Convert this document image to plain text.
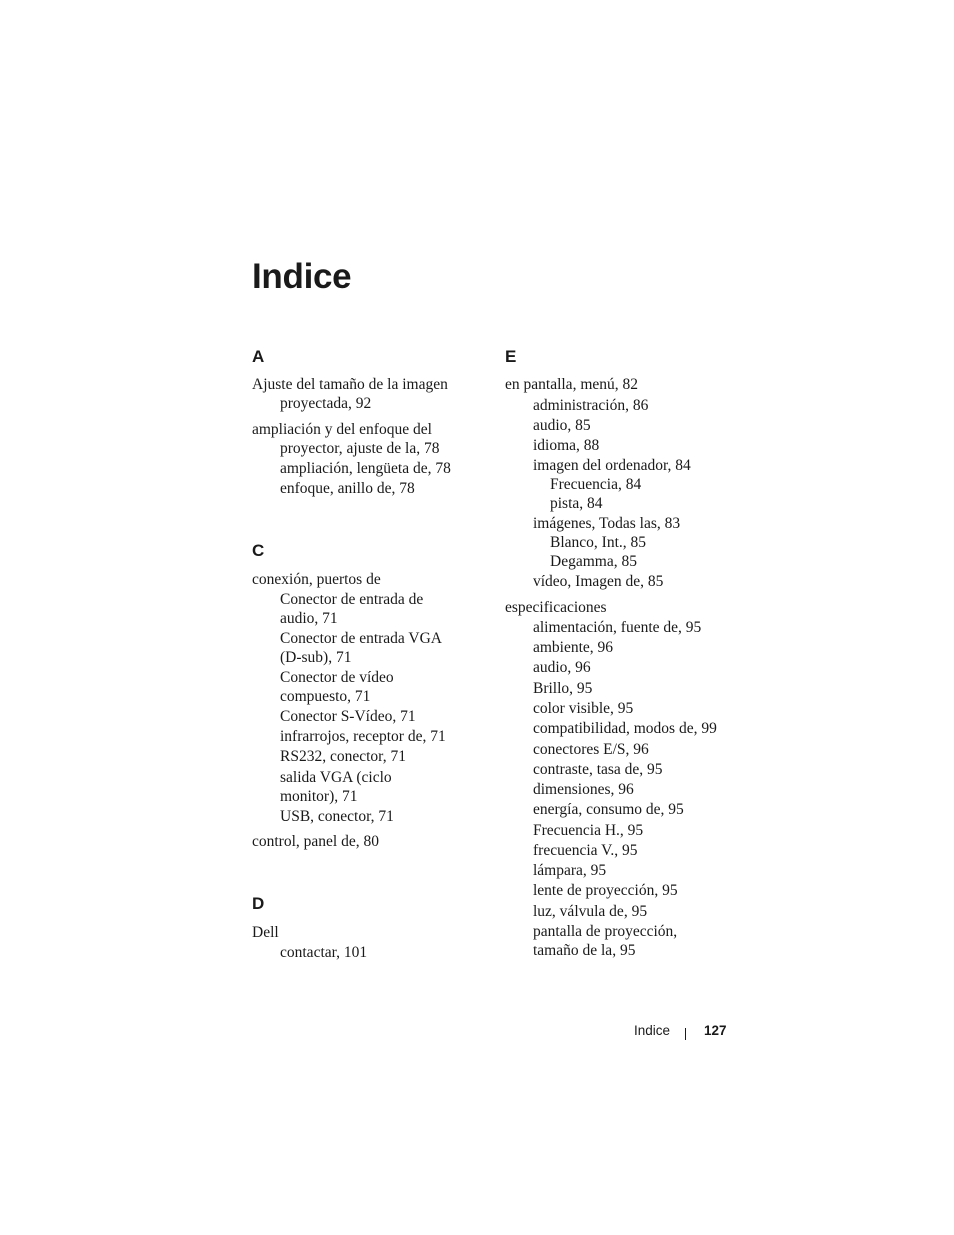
Indice
A
Ajuste del tamaño de la imagen
proyectada, 92
ampliación y del enfoque del
proyector, ajuste de la, 78
ampliación, lengüeta de, 78
enfoque, anillo de, 78
C
conexión, puertos de
Conector de entrada de
audio, 71
Conector de entrada VGA
(D-sub), 71
Conector de vídeo
compuesto, 71
Conector S-Vídeo, 71
infrarrojos, receptor de, 71
RS232, conector, 71
salida VGA (ciclo
monitor), 71
USB, conector, 71
control, panel de, 80
D
Dell
contactar, 101
E
en pantalla, menú, 82
administración, 86
audio, 85
idioma, 88
imagen del ordenador, 84
Frecuencia, 84
pista, 84
imágenes, Todas las, 83
Blanco, Int., 85
Degamma, 85
vídeo, Imagen de, 85
especificaciones
alimentación, fuente de, 95
ambiente, 96
audio, 96
Brillo, 95
color visible, 95
compatibilidad, modos de, 99
conectores E/S, 96
contraste, tasa de, 95
dimensiones, 96
energía, consumo de, 95
Frecuencia H., 95
frecuencia V., 95
lámpara, 95
lente de proyección, 95
luz, válvula de, 95
pantalla de proyección,
tamaño de la, 95
Indice	127
